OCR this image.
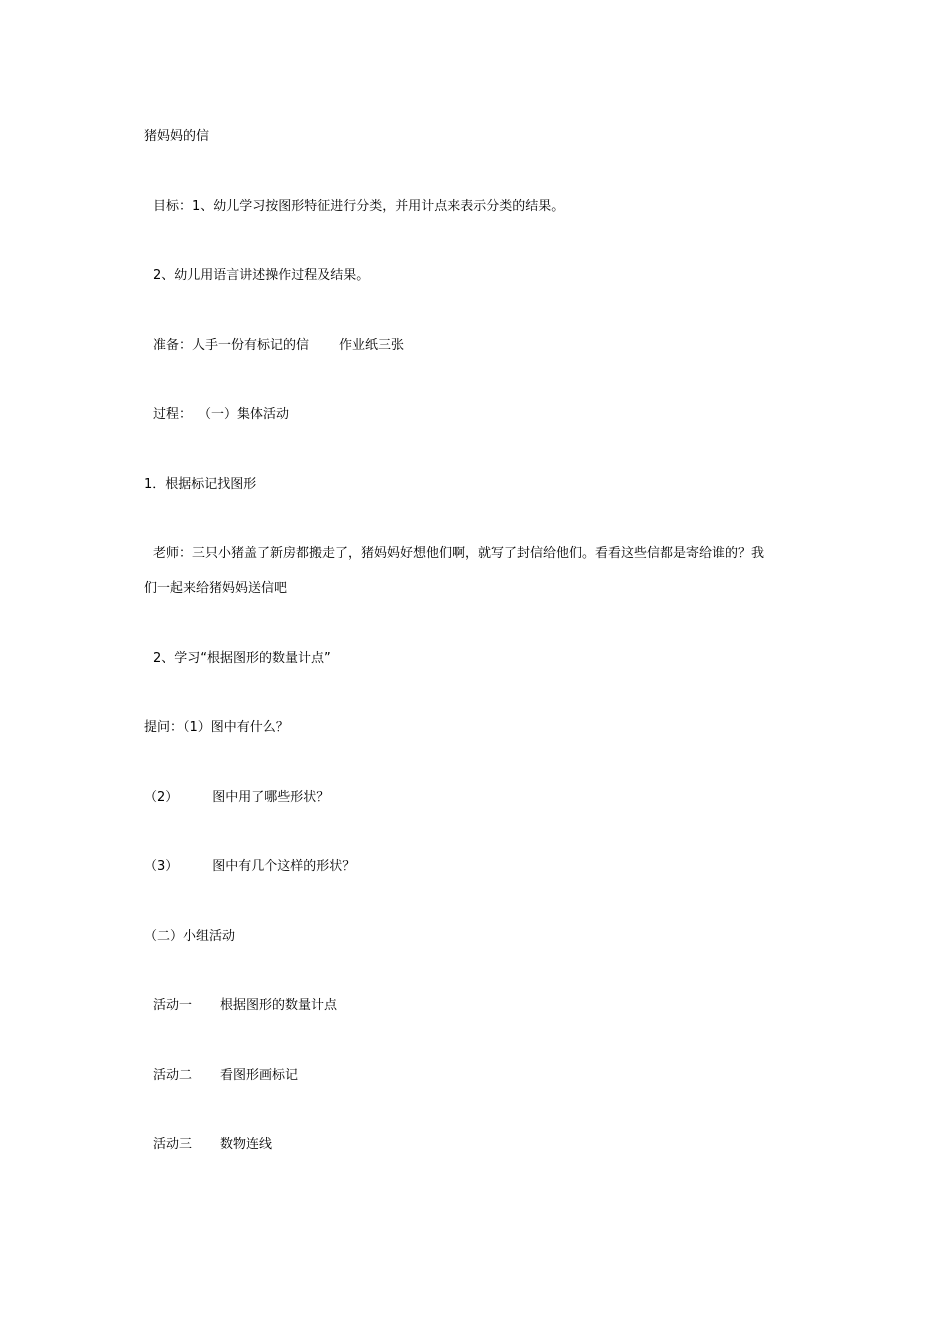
猪妈妈的信
目标：1、幼儿学习按图形特征进行分类，并用计点来表示分类的结果。
2、幼儿用语言讲述操作过程及结果。
准备：人手一份有标记的信 作业纸三张
过程： （一）集体活动
1．根据标记找图形
老师：三只小猪盖了新房都搬走了，猪妈妈好想他们啊，就写了封信给他们。看看这些信都是寄给谁的？我
们一起来给猪妈妈送信吧
2、学习“根据图形的数量计点”
提问：（1）图中有什么？
（2）	图中用了哪些形状？
（3）	图中有几个这样的形状？
（二）小组活动
活动一 根据图形的数量计点
活动二 看图形画标记
活动三 数物连线
